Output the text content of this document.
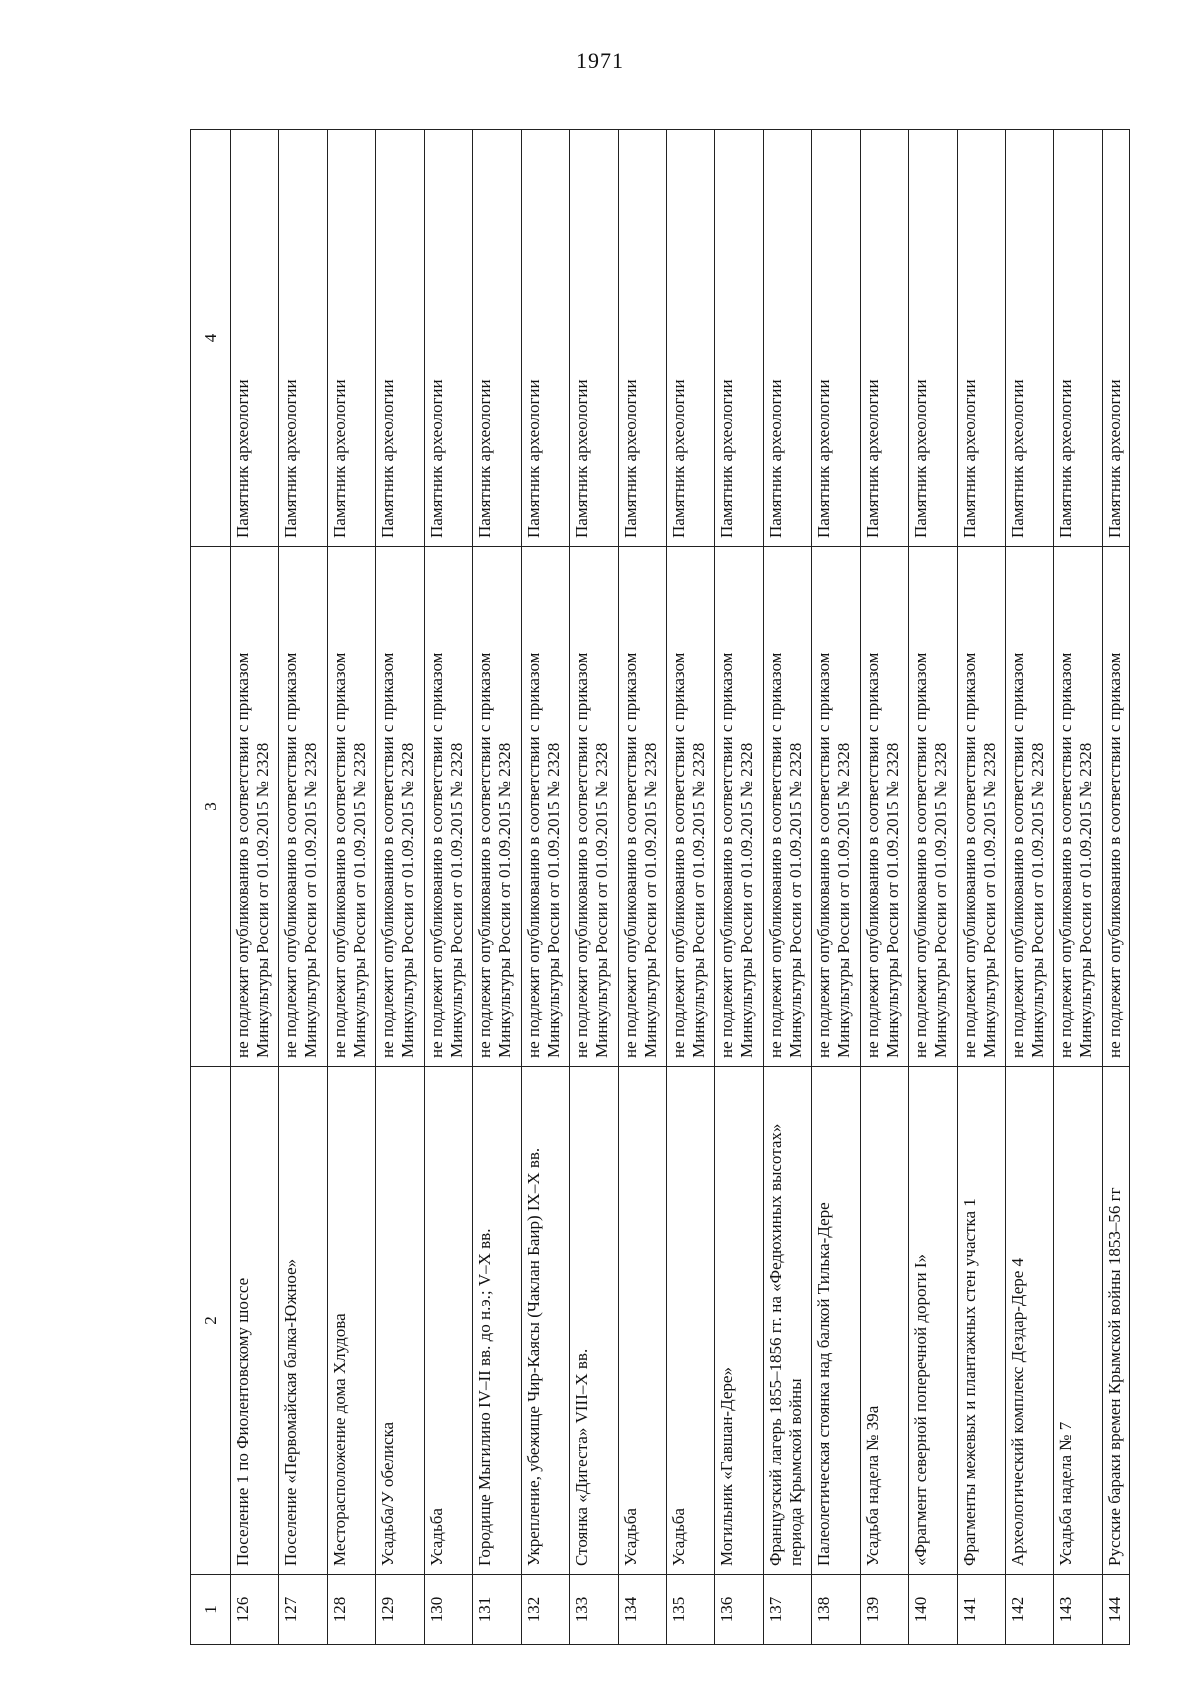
1971
1	2	3	4
126	Поселение 1 по Фиолентовскому шоссе	не подлежит опубликованию в соответствии с приказом Минкультуры России от 01.09.2015 № 2328	Памятник археологии
127	Поселение «Первомайская балка-Южное»	не подлежит опубликованию в соответствии с приказом Минкультуры России от 01.09.2015 № 2328	Памятник археологии
128	Месторасположение дома Хлудова	не подлежит опубликованию в соответствии с приказом Минкультуры России от 01.09.2015 № 2328	Памятник археологии
129	Усадьба/У обелиска	не подлежит опубликованию в соответствии с приказом Минкультуры России от 01.09.2015 № 2328	Памятник археологии
130	Усадьба	не подлежит опубликованию в соответствии с приказом Минкультуры России от 01.09.2015 № 2328	Памятник археологии
131	Городище Мыгилино IV–II вв. до н.э.; V–X вв.	не подлежит опубликованию в соответствии с приказом Минкультуры России от 01.09.2015 № 2328	Памятник археологии
132	Укрепление, убежище Чир-Каясы (Чаклан Баир) IX–X вв.	не подлежит опубликованию в соответствии с приказом Минкультуры России от 01.09.2015 № 2328	Памятник археологии
133	Стоянка «Дигеста» VIII–X вв.	не подлежит опубликованию в соответствии с приказом Минкультуры России от 01.09.2015 № 2328	Памятник археологии
134	Усадьба	не подлежит опубликованию в соответствии с приказом Минкультуры России от 01.09.2015 № 2328	Памятник археологии
135	Усадьба	не подлежит опубликованию в соответствии с приказом Минкультуры России от 01.09.2015 № 2328	Памятник археологии
136	Могильник «Гавшан-Дере»	не подлежит опубликованию в соответствии с приказом Минкультуры России от 01.09.2015 № 2328	Памятник археологии
137	Французский лагерь 1855–1856 гг. на «Федюхиных высотах» периода Крымской войны	не подлежит опубликованию в соответствии с приказом Минкультуры России от 01.09.2015 № 2328	Памятник археологии
138	Палеолетическая стоянка над балкой Тилька-Дере	не подлежит опубликованию в соответствии с приказом Минкультуры России от 01.09.2015 № 2328	Памятник археологии
139	Усадьба надела № 39а	не подлежит опубликованию в соответствии с приказом Минкультуры России от 01.09.2015 № 2328	Памятник археологии
140	«Фрагмент северной поперечной дороги I»	не подлежит опубликованию в соответствии с приказом Минкультуры России от 01.09.2015 № 2328	Памятник археологии
141	Фрагменты межевых и плантажных стен участка 1	не подлежит опубликованию в соответствии с приказом Минкультуры России от 01.09.2015 № 2328	Памятник археологии
142	Археологический комплекс Дездар-Дере 4	не подлежит опубликованию в соответствии с приказом Минкультуры России от 01.09.2015 № 2328	Памятник археологии
143	Усадьба надела № 7	не подлежит опубликованию в соответствии с приказом Минкультуры России от 01.09.2015 № 2328	Памятник археологии
144	Русские бараки времен Крымской войны 1853–56 гг	не подлежит опубликованию в соответствии с приказом	Памятник археологии
